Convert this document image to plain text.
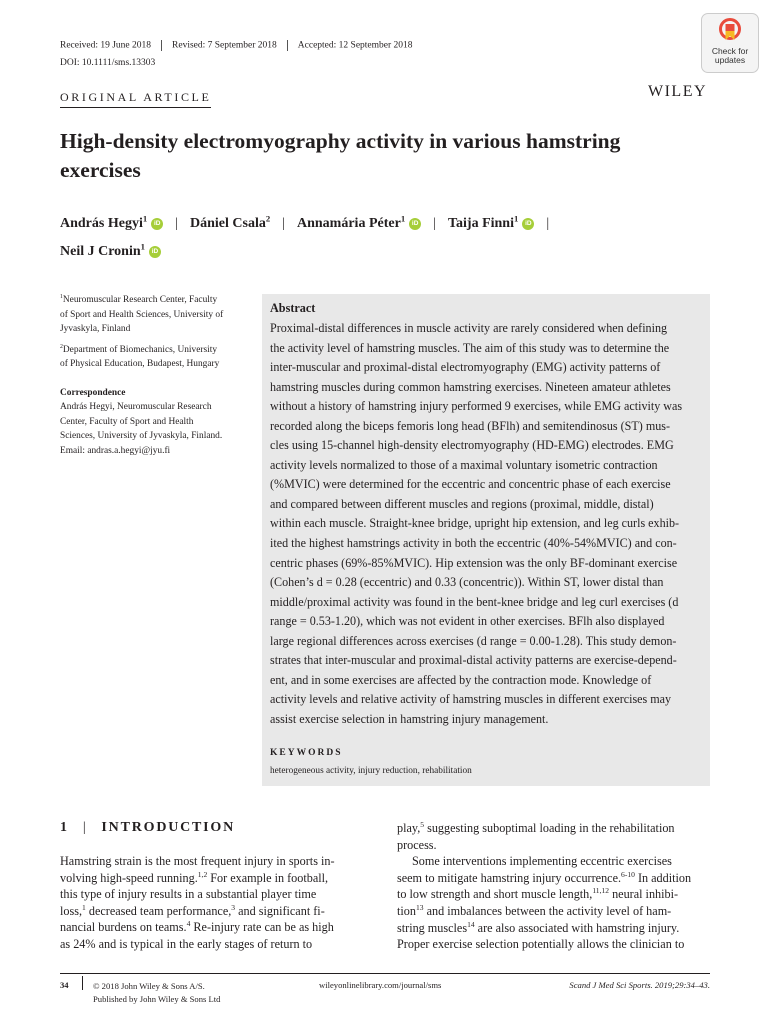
Received: 19 June 2018 Revised: 7 September 2018 Accepted: 12 September 2018
DOI: 10.1111/sms.13303
Check for
updates
WILEY
ORIGINAL ARTICLE
High-density electromyography activity in various hamstring
exercises
András Hegyi$^1$ iD | Dániel Csala$^2$ | Annamária Péter$^1$ iD | Taija Finni$^1$ iD |
Neil J Cronin$^1$ iD
$^1$Neuromuscular Research Center, Faculty
of Sport and Health Sciences, University of
Jyvaskyla, Finland
$^2$Department of Biomechanics, University
of Physical Education, Budapest, Hungary
Correspondence
András Hegyi, Neuromuscular Research
Center, Faculty of Sport and Health
Sciences, University of Jyvaskyla, Finland.
Email: andras.a.hegyi@jyu.fi
Abstract
Proximal-distal differences in muscle activity are rarely considered when defining
the activity level of hamstring muscles. The aim of this study was to determine the
inter-muscular and proximal-distal electromyography (EMG) activity patterns of
hamstring muscles during common hamstring exercises. Nineteen amateur athletes
without a history of hamstring injury performed 9 exercises, while EMG activity was
recorded along the biceps femoris long head (BFlh) and semitendinosus (ST) mus-
cles using 15-channel high-density electromyography (HD-EMG) electrodes. EMG
activity levels normalized to those of a maximal voluntary isometric contraction
(%MVIC) were determined for the eccentric and concentric phase of each exercise
and compared between different muscles and regions (proximal, middle, distal)
within each muscle. Straight-knee bridge, upright hip extension, and leg curls exhib-
ited the highest hamstrings activity in both the eccentric (40%-54%MVIC) and con-
centric phases (69%-85%MVIC). Hip extension was the only BF-dominant exercise
(Cohen’s d = 0.28 (eccentric) and 0.33 (concentric)). Within ST, lower distal than
middle/proximal activity was found in the bent-knee bridge and leg curl exercises (d
range = 0.53-1.20), which was not evident in other exercises. BFlh also displayed
large regional differences across exercises (d range = 0.00-1.28). This study demon-
strates that inter-muscular and proximal-distal activity patterns are exercise-depend-
ent, and in some exercises are affected by the contraction mode. Knowledge of
activity levels and relative activity of hamstring muscles in different exercises may
assist exercise selection in hamstring injury management.
KEYWORDS
heterogeneous activity, injury reduction, rehabilitation
1 | INTRODUCTION
Hamstring strain is the most frequent injury in sports in-
volving high-speed running.$^{1,2}$ For example in football,
this type of injury results in a substantial player time
loss,$^1$ decreased team performance,$^3$ and significant fi-
nancial burdens on teams.$^4$ Re-injury rate can be as high
as 24% and is typical in the early stages of return to
play,$^5$ suggesting suboptimal loading in the rehabilitation
process.
Some interventions implementing eccentric exercises
seem to mitigate hamstring injury occurrence.$^{6-10}$ In addition
to low strength and short muscle length,$^{11,12}$ neural inhibi-
tion$^{13}$ and imbalances between the activity level of ham-
string muscles$^{14}$ are also associated with hamstring injury.
Proper exercise selection potentially allows the clinician to
34	© 2018 John Wiley & Sons A/S.
Published by John Wiley & Sons Ltd
wileyonlinelibrary.com/journal/sms	Scand J Med Sci Sports. 2019;29:34–43.
